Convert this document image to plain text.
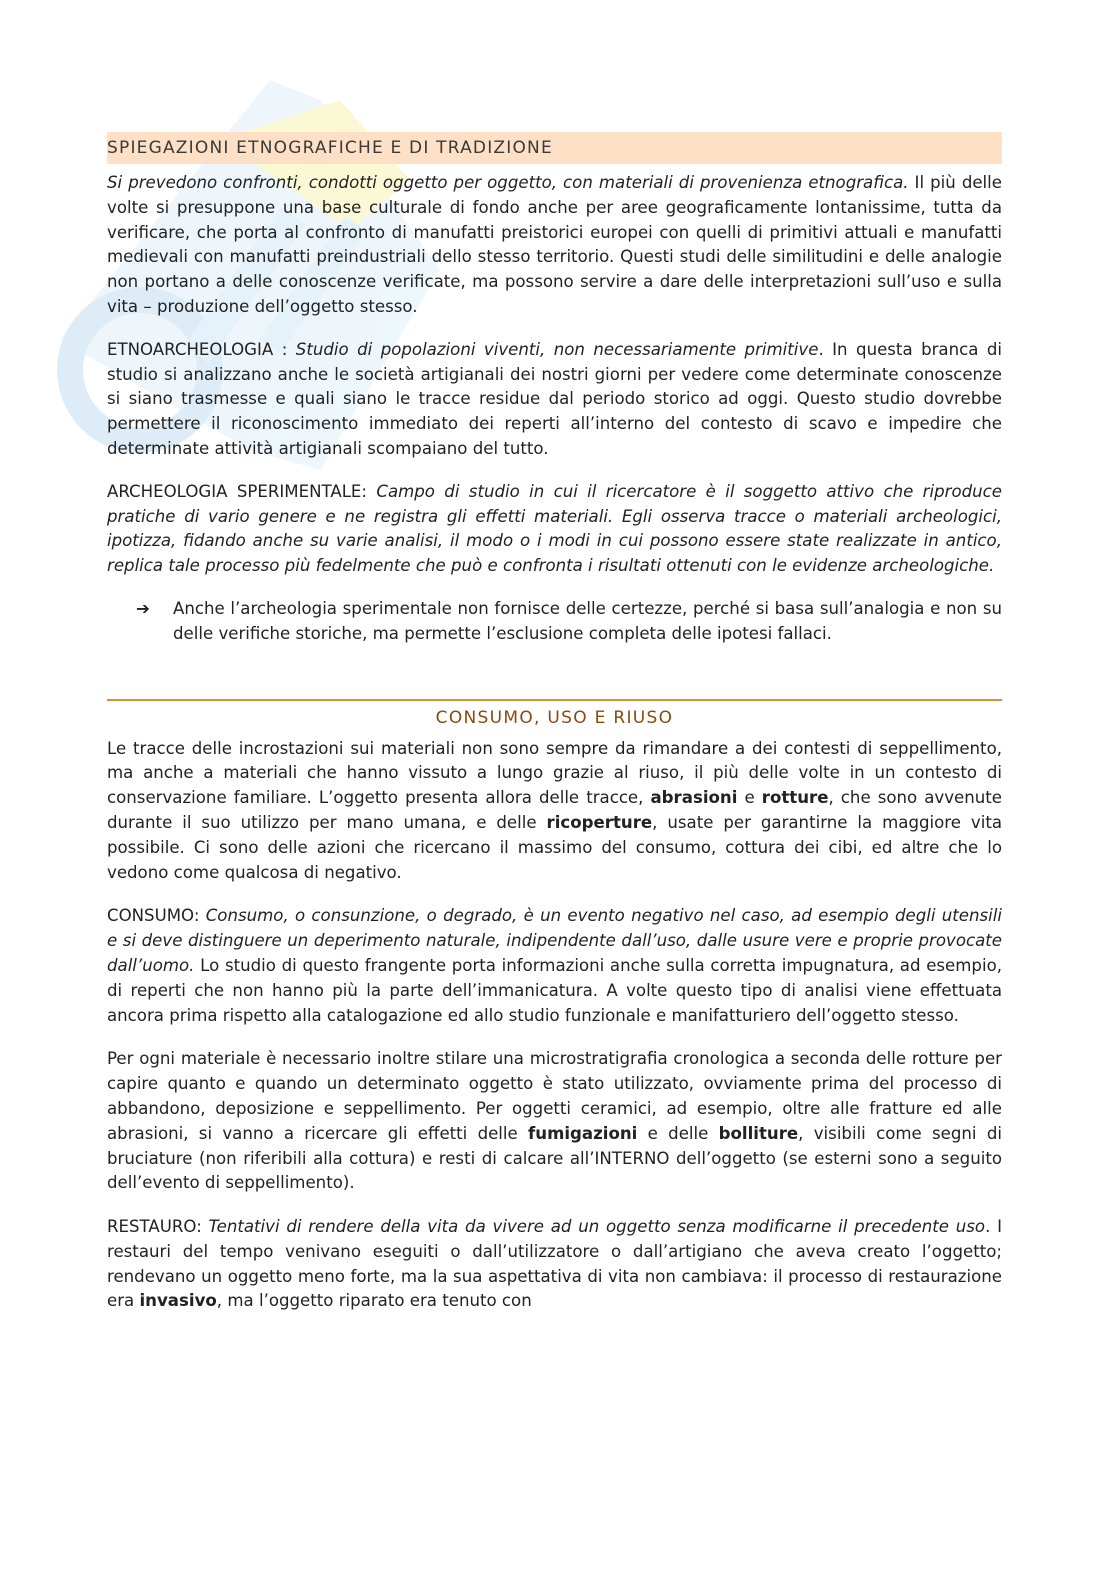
SPIEGAZIONI ETNOGRAFICHE E DI TRADIZIONE

Si prevedono confronti, condotti oggetto per oggetto, con materiali di provenienza etnografica. Il più delle volte si presuppone una base culturale di fondo anche per aree geograficamente lontanissime, tutta da verificare, che porta al confronto di manufatti preistorici europei con quelli di primitivi attuali e manufatti medievali con manufatti preindustriali dello stesso territorio. Questi studi delle similitudini e delle analogie non portano a delle conoscenze verificate, ma possono servire a dare delle interpretazioni sull’uso e sulla vita – produzione dell’oggetto stesso.

ETNOARCHEOLOGIA : Studio di popolazioni viventi, non necessariamente primitive. In questa branca di studio si analizzano anche le società artigianali dei nostri giorni per vedere come determinate conoscenze si siano trasmesse e quali siano le tracce residue dal periodo storico ad oggi. Questo studio dovrebbe permettere il riconoscimento immediato dei reperti all’interno del contesto di scavo e impedire che determinate attività artigianali scompaiano del tutto.

ARCHEOLOGIA SPERIMENTALE: Campo di studio in cui il ricercatore è il soggetto attivo che riproduce pratiche di vario genere e ne registra gli effetti materiali. Egli osserva tracce o materiali archeologici, ipotizza, fidando anche su varie analisi, il modo o i modi in cui possono essere state realizzate in antico, replica tale processo più fedelmente che può e confronta i risultati ottenuti con le evidenze archeologiche.

➔	Anche l’archeologia sperimentale non fornisce delle certezze, perché si basa sull’analogia e non su delle verifiche storiche, ma permette l’esclusione completa delle ipotesi fallaci.
CONSUMO, USO E RIUSO

Le tracce delle incrostazioni sui materiali non sono sempre da rimandare a dei contesti di seppellimento, ma anche a materiali che hanno vissuto a lungo grazie al riuso, il più delle volte in un contesto di conservazione familiare. L’oggetto presenta allora delle tracce, abrasioni e rotture, che sono avvenute durante il suo utilizzo per mano umana, e delle ricoperture, usate per garantirne la maggiore vita possibile. Ci sono delle azioni che ricercano il massimo del consumo, cottura dei cibi, ed altre che lo vedono come qualcosa di negativo.

CONSUMO: Consumo, o consunzione, o degrado, è un evento negativo nel caso, ad esempio degli utensili e si deve distinguere un deperimento naturale, indipendente dall’uso, dalle usure vere e proprie provocate dall’uomo. Lo studio di questo frangente porta informazioni anche sulla corretta impugnatura, ad esempio, di reperti che non hanno più la parte dell’immanicatura. A volte questo tipo di analisi viene effettuata ancora prima rispetto alla catalogazione ed allo studio funzionale e manifatturiero dell’oggetto stesso.

Per ogni materiale è necessario inoltre stilare una microstratigrafia cronologica a seconda delle rotture per capire quanto e quando un determinato oggetto è stato utilizzato, ovviamente prima del processo di abbandono, deposizione e seppellimento. Per oggetti ceramici, ad esempio, oltre alle fratture ed alle abrasioni, si vanno a ricercare gli effetti delle fumigazioni e delle bolliture, visibili come segni di bruciature (non riferibili alla cottura) e resti di calcare all’INTERNO dell’oggetto (se esterni sono a seguito dell’evento di seppellimento).

RESTAURO: Tentativi di rendere della vita da vivere ad un oggetto senza modificarne il precedente uso. I restauri del tempo venivano eseguiti o dall’utilizzatore o dall’artigiano che aveva creato l’oggetto; rendevano un oggetto meno forte, ma la sua aspettativa di vita non cambiava: il processo di restaurazione era invasivo, ma l’oggetto riparato era tenuto con
